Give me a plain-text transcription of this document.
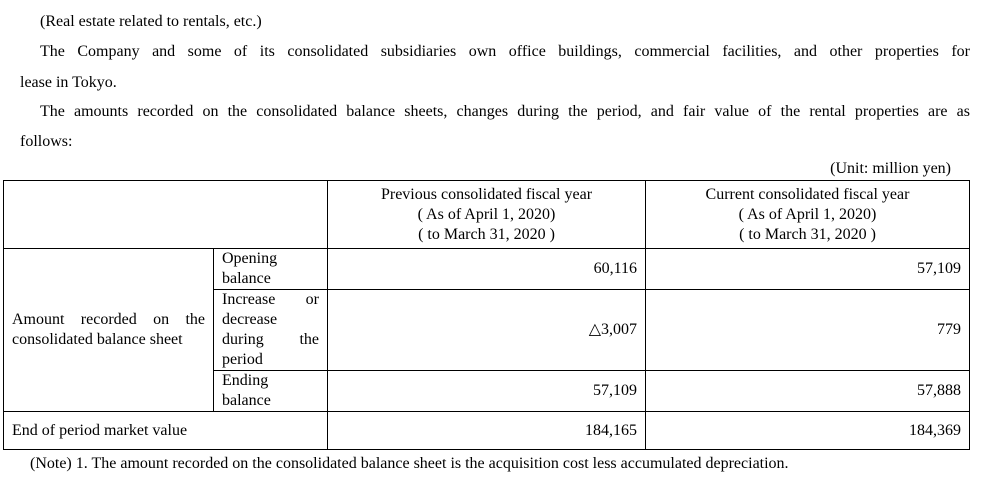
(Real estate related to rentals, etc.)
The Company and some of its consolidated subsidiaries own office buildings, commercial facilities, and other properties for
lease in Tokyo.
The amounts recorded on the consolidated balance sheets, changes during the period, and fair value of the rental properties are as
follows:
(Unit: million yen)

		Previous consolidated fiscal year
( As of April 1, 2020)
( to March 31, 2020 )	Current consolidated fiscal year
( As of April 1, 2020)
( to March 31, 2020 )

Amount recorded on the consolidated balance sheet	Opening balance	60,116	57,109
	Increase or decrease during the period	△3,007	779
	Ending balance	57,109	57,888
End of period market value		184,165	184,369
(Note) 1. The amount recorded on the consolidated balance sheet is the acquisition cost less accumulated depreciation.
